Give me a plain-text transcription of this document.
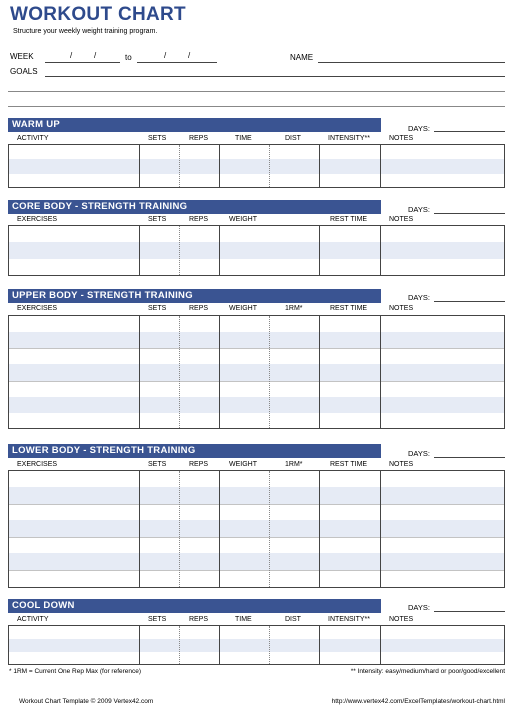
WORKOUT CHART
Structure your weekly weight training program.
WEEK	/	/	to	/	/	NAME
GOALS
WARM UP	DAYS:
ACTIVITY	SETS	REPS	TIME	DIST	INTENSITY**	NOTES
CORE BODY - STRENGTH TRAINING	DAYS:
EXERCISES	SETS	REPS	WEIGHT	REST TIME	NOTES
UPPER BODY - STRENGTH TRAINING	DAYS:
EXERCISES	SETS	REPS	WEIGHT	1RM*	REST TIME	NOTES
LOWER BODY - STRENGTH TRAINING	DAYS:
EXERCISES	SETS	REPS	WEIGHT	1RM*	REST TIME	NOTES
COOL DOWN	DAYS:
ACTIVITY	SETS	REPS	TIME	DIST	INTENSITY**	NOTES
* 1RM = Current One Rep Max (for reference)	** Intensity: easy/medium/hard or poor/good/excellent
Workout Chart Template © 2009 Vertex42.com	http://www.vertex42.com/ExcelTemplates/workout-chart.html
